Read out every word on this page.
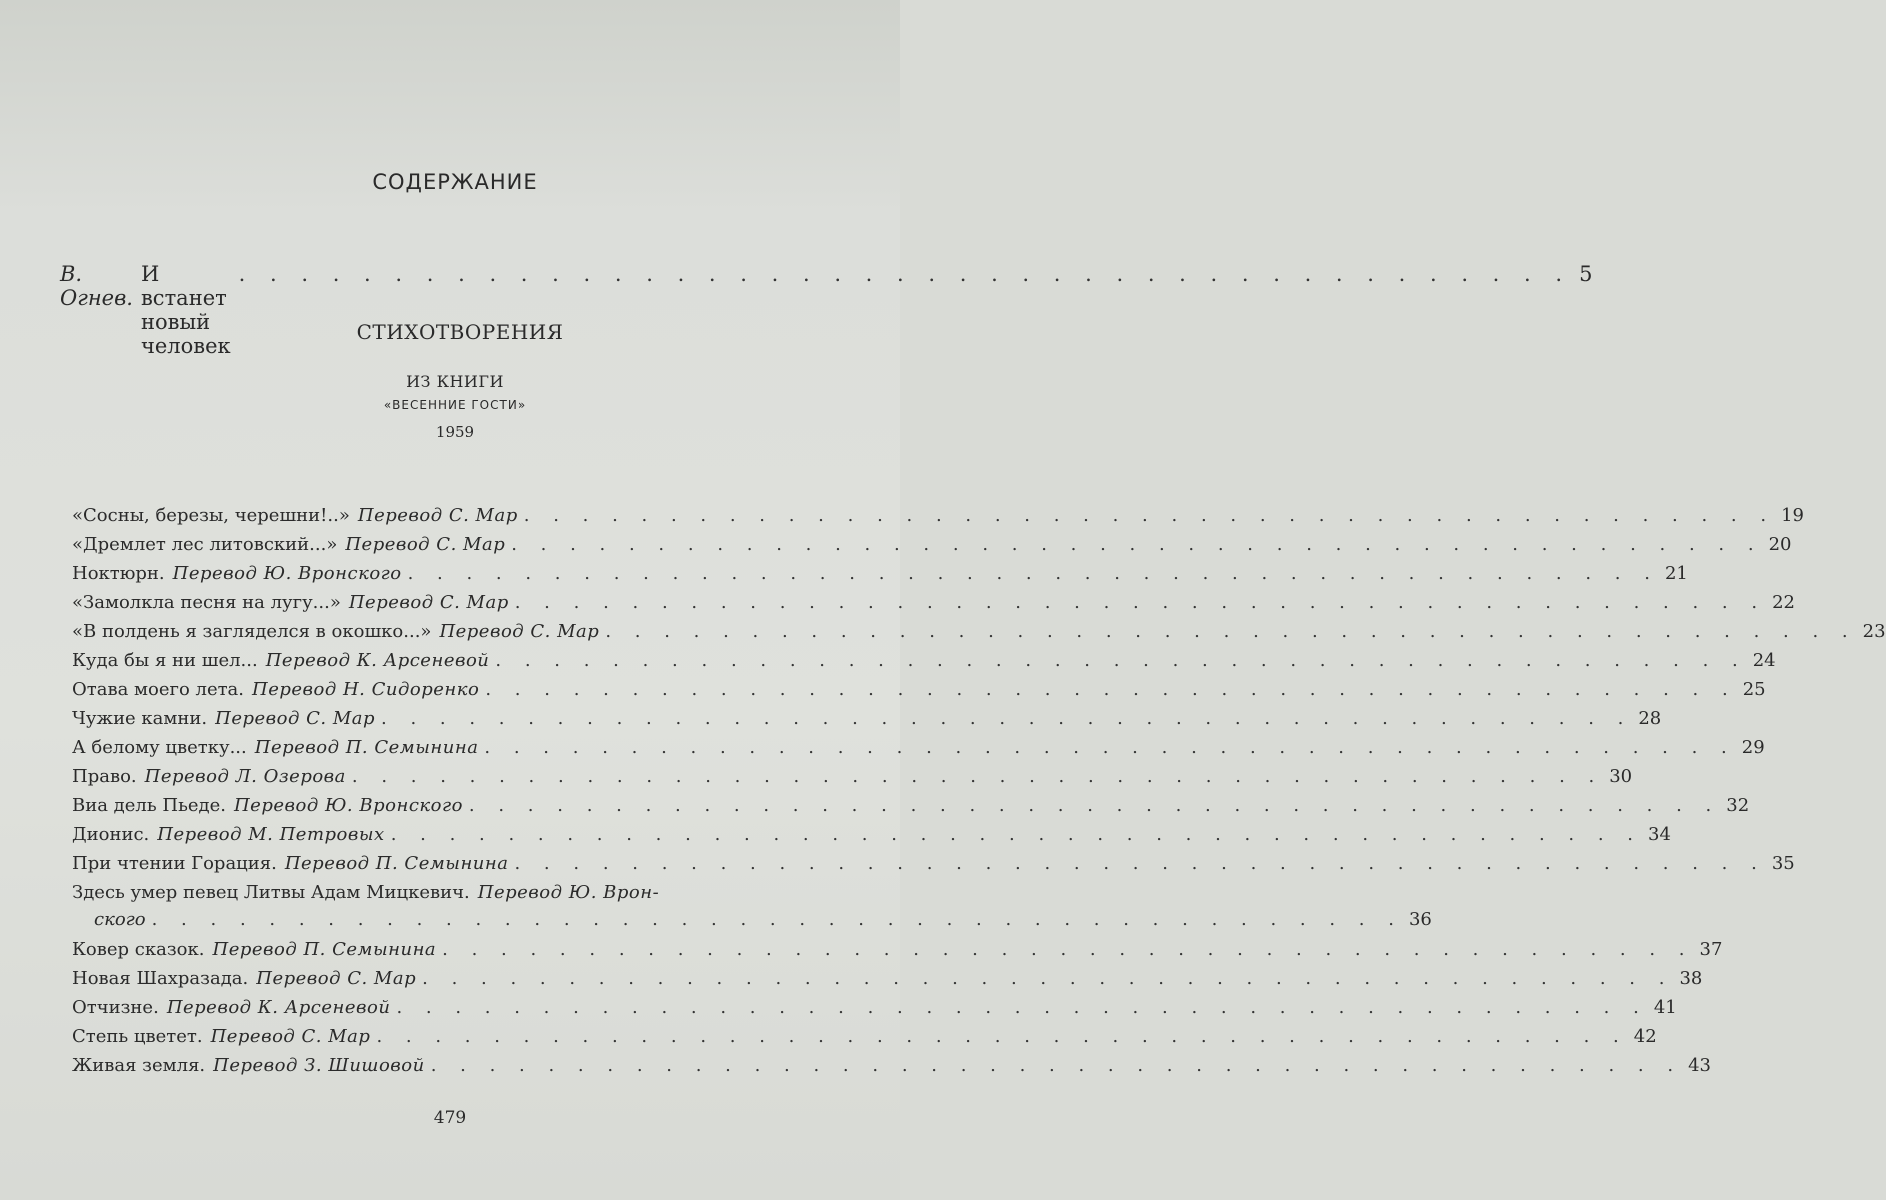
СОДЕРЖАНИЕ
В. Огнев.
И встанет новый человек
. . . . . . . . . . . . . . . . . . . . . . . . . . . . . . . . . . . . . . . . . . . 5
СТИХОТВОРЕНИЯ
ИЗ КНИГИ
«ВЕСЕННИЕ ГОСТИ»
1959
«Сосны, березы, черешни!..» Перевод С. Мар . . . . . . . . . . . . . . . . . . . . . . . . . . . . . . . . . . . . . . . . . . . 19
«Дремлет лес литовский...» Перевод С. Мар . . . . . . . . . . . . . . . . . . . . . . . . . . . . . . . . . . . . . . . . . . . 20
Ноктюрн. Перевод Ю. Вронского . . . . . . . . . . . . . . . . . . . . . . . . . . . . . . . . . . . . . . . . . . . 21
«Замолкла песня на лугу...» Перевод С. Мар . . . . . . . . . . . . . . . . . . . . . . . . . . . . . . . . . . . . . . . . . . . 22
«В полдень я загляделся в окошко...» Перевод С. Мар . . . . . . . . . . . . . . . . . . . . . . . . . . . . . . . . . . . . . . . . . . . 23
Куда бы я ни шел... Перевод К. Арсеневой . . . . . . . . . . . . . . . . . . . . . . . . . . . . . . . . . . . . . . . . . . . 24
Отава моего лета. Перевод Н. Сидоренко . . . . . . . . . . . . . . . . . . . . . . . . . . . . . . . . . . . . . . . . . . . 25
Чужие камни. Перевод С. Мар . . . . . . . . . . . . . . . . . . . . . . . . . . . . . . . . . . . . . . . . . . . 28
А белому цветку... Перевод П. Семынина . . . . . . . . . . . . . . . . . . . . . . . . . . . . . . . . . . . . . . . . . . . 29
Право. Перевод Л. Озерова . . . . . . . . . . . . . . . . . . . . . . . . . . . . . . . . . . . . . . . . . . . 30
Виа дель Пьеде. Перевод Ю. Вронского . . . . . . . . . . . . . . . . . . . . . . . . . . . . . . . . . . . . . . . . . . . 32
Дионис. Перевод М. Петровых . . . . . . . . . . . . . . . . . . . . . . . . . . . . . . . . . . . . . . . . . . . 34
При чтении Горация. Перевод П. Семынина . . . . . . . . . . . . . . . . . . . . . . . . . . . . . . . . . . . . . . . . . . . 35
Здесь умер певец Литвы Адам Мицкевич. Перевод Ю. Врон-
ского . . . . . . . . . . . . . . . . . . . . . . . . . . . . . . . . . . . . . . . . . . . 36
Ковер сказок. Перевод П. Семынина . . . . . . . . . . . . . . . . . . . . . . . . . . . . . . . . . . . . . . . . . . . 37
Новая Шахразада. Перевод С. Мар . . . . . . . . . . . . . . . . . . . . . . . . . . . . . . . . . . . . . . . . . . . 38
Отчизне. Перевод К. Арсеневой . . . . . . . . . . . . . . . . . . . . . . . . . . . . . . . . . . . . . . . . . . . 41
Степь цветет. Перевод С. Мар . . . . . . . . . . . . . . . . . . . . . . . . . . . . . . . . . . . . . . . . . . . 42
Живая земля. Перевод З. Шишовой . . . . . . . . . . . . . . . . . . . . . . . . . . . . . . . . . . . . . . . . . . . 43
479
